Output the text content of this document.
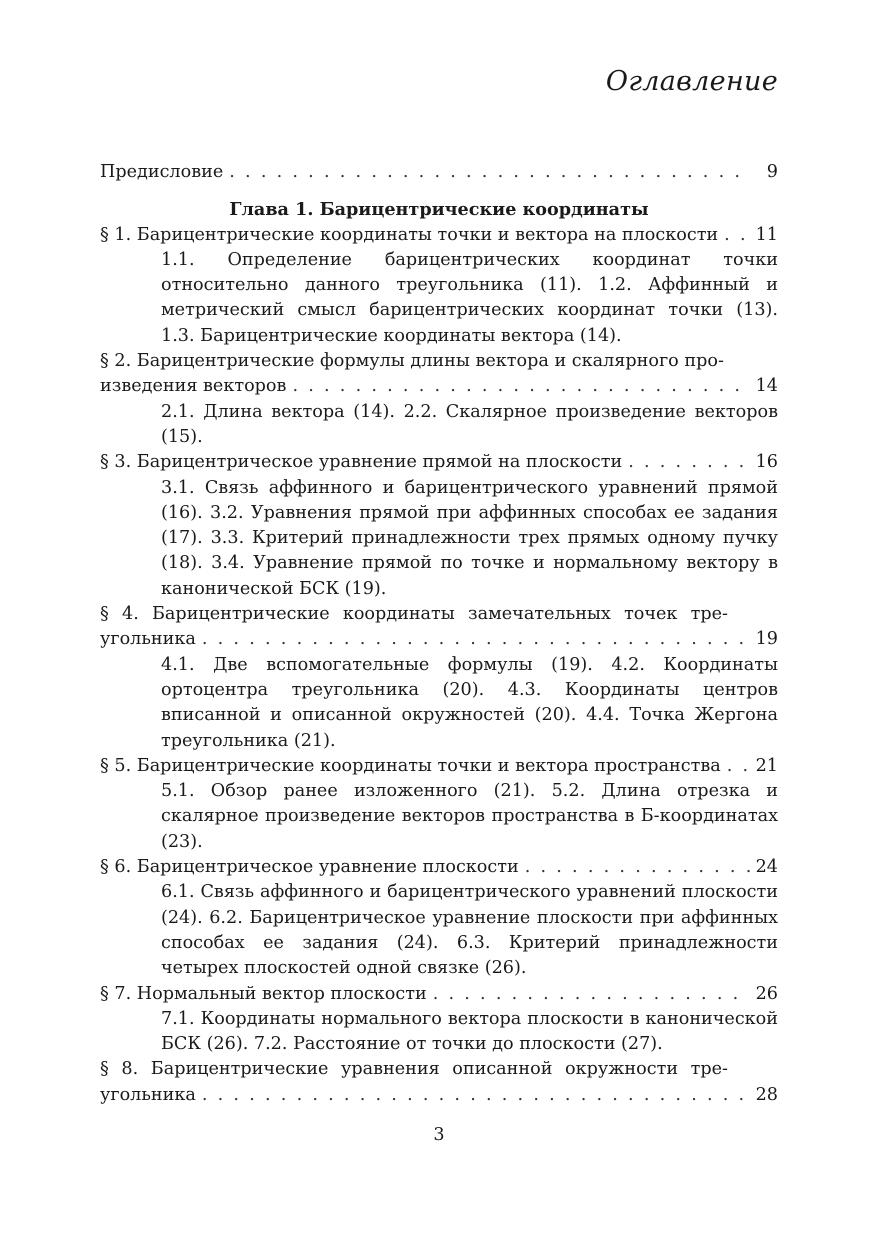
Оглавление
Предисловие . . .	9
Глава 1. Барицентрические координаты
§ 1. Барицентрические координаты точки и вектора на плоскости . . . 11
1.1. Определение барицентрических координат точки относительно данного треугольника (11). 1.2. Аффинный и метрический смысл барицентрических координат точки (13). 1.3. Барицентрические координаты вектора (14).
§ 2. Барицентрические формулы длины вектора и скалярного про-
изведения векторов . . .	14
2.1. Длина вектора (14). 2.2. Скалярное произведение векторов (15).
§ 3. Барицентрическое уравнение прямой на плоскости . . .	16
3.1. Связь аффинного и барицентрического уравнений прямой (16). 3.2. Уравнения прямой при аффинных способах ее задания (17). 3.3. Критерий принадлежности трех прямых одному пучку (18). 3.4. Уравнение прямой по точке и нормальному вектору в канонической БСК (19).
§ 4. Барицентрические координаты замечательных точек тре-
угольника . . .	19
4.1. Две вспомогательные формулы (19). 4.2. Координаты ортоцентра треугольника (20). 4.3. Координаты центров вписанной и описанной окружностей (20). 4.4. Точка Жергона треугольника (21).
§ 5. Барицентрические координаты точки и вектора пространства . . . 21
5.1. Обзор ранее изложенного (21). 5.2. Длина отрезка и скалярное произведение векторов пространства в Б-координатах (23).
§ 6. Барицентрическое уравнение плоскости . . .	24
6.1. Связь аффинного и барицентрического уравнений плоскости (24). 6.2. Барицентрическое уравнение плоскости при аффинных способах ее задания (24). 6.3. Критерий принадлежности четырех плоскостей одной связке (26).
§ 7. Нормальный вектор плоскости . . .	26
7.1. Координаты нормального вектора плоскости в канонической БСК (26). 7.2. Расстояние от точки до плоскости (27).
§ 8. Барицентрические уравнения описанной окружности тре-
угольника . . .	28
3
